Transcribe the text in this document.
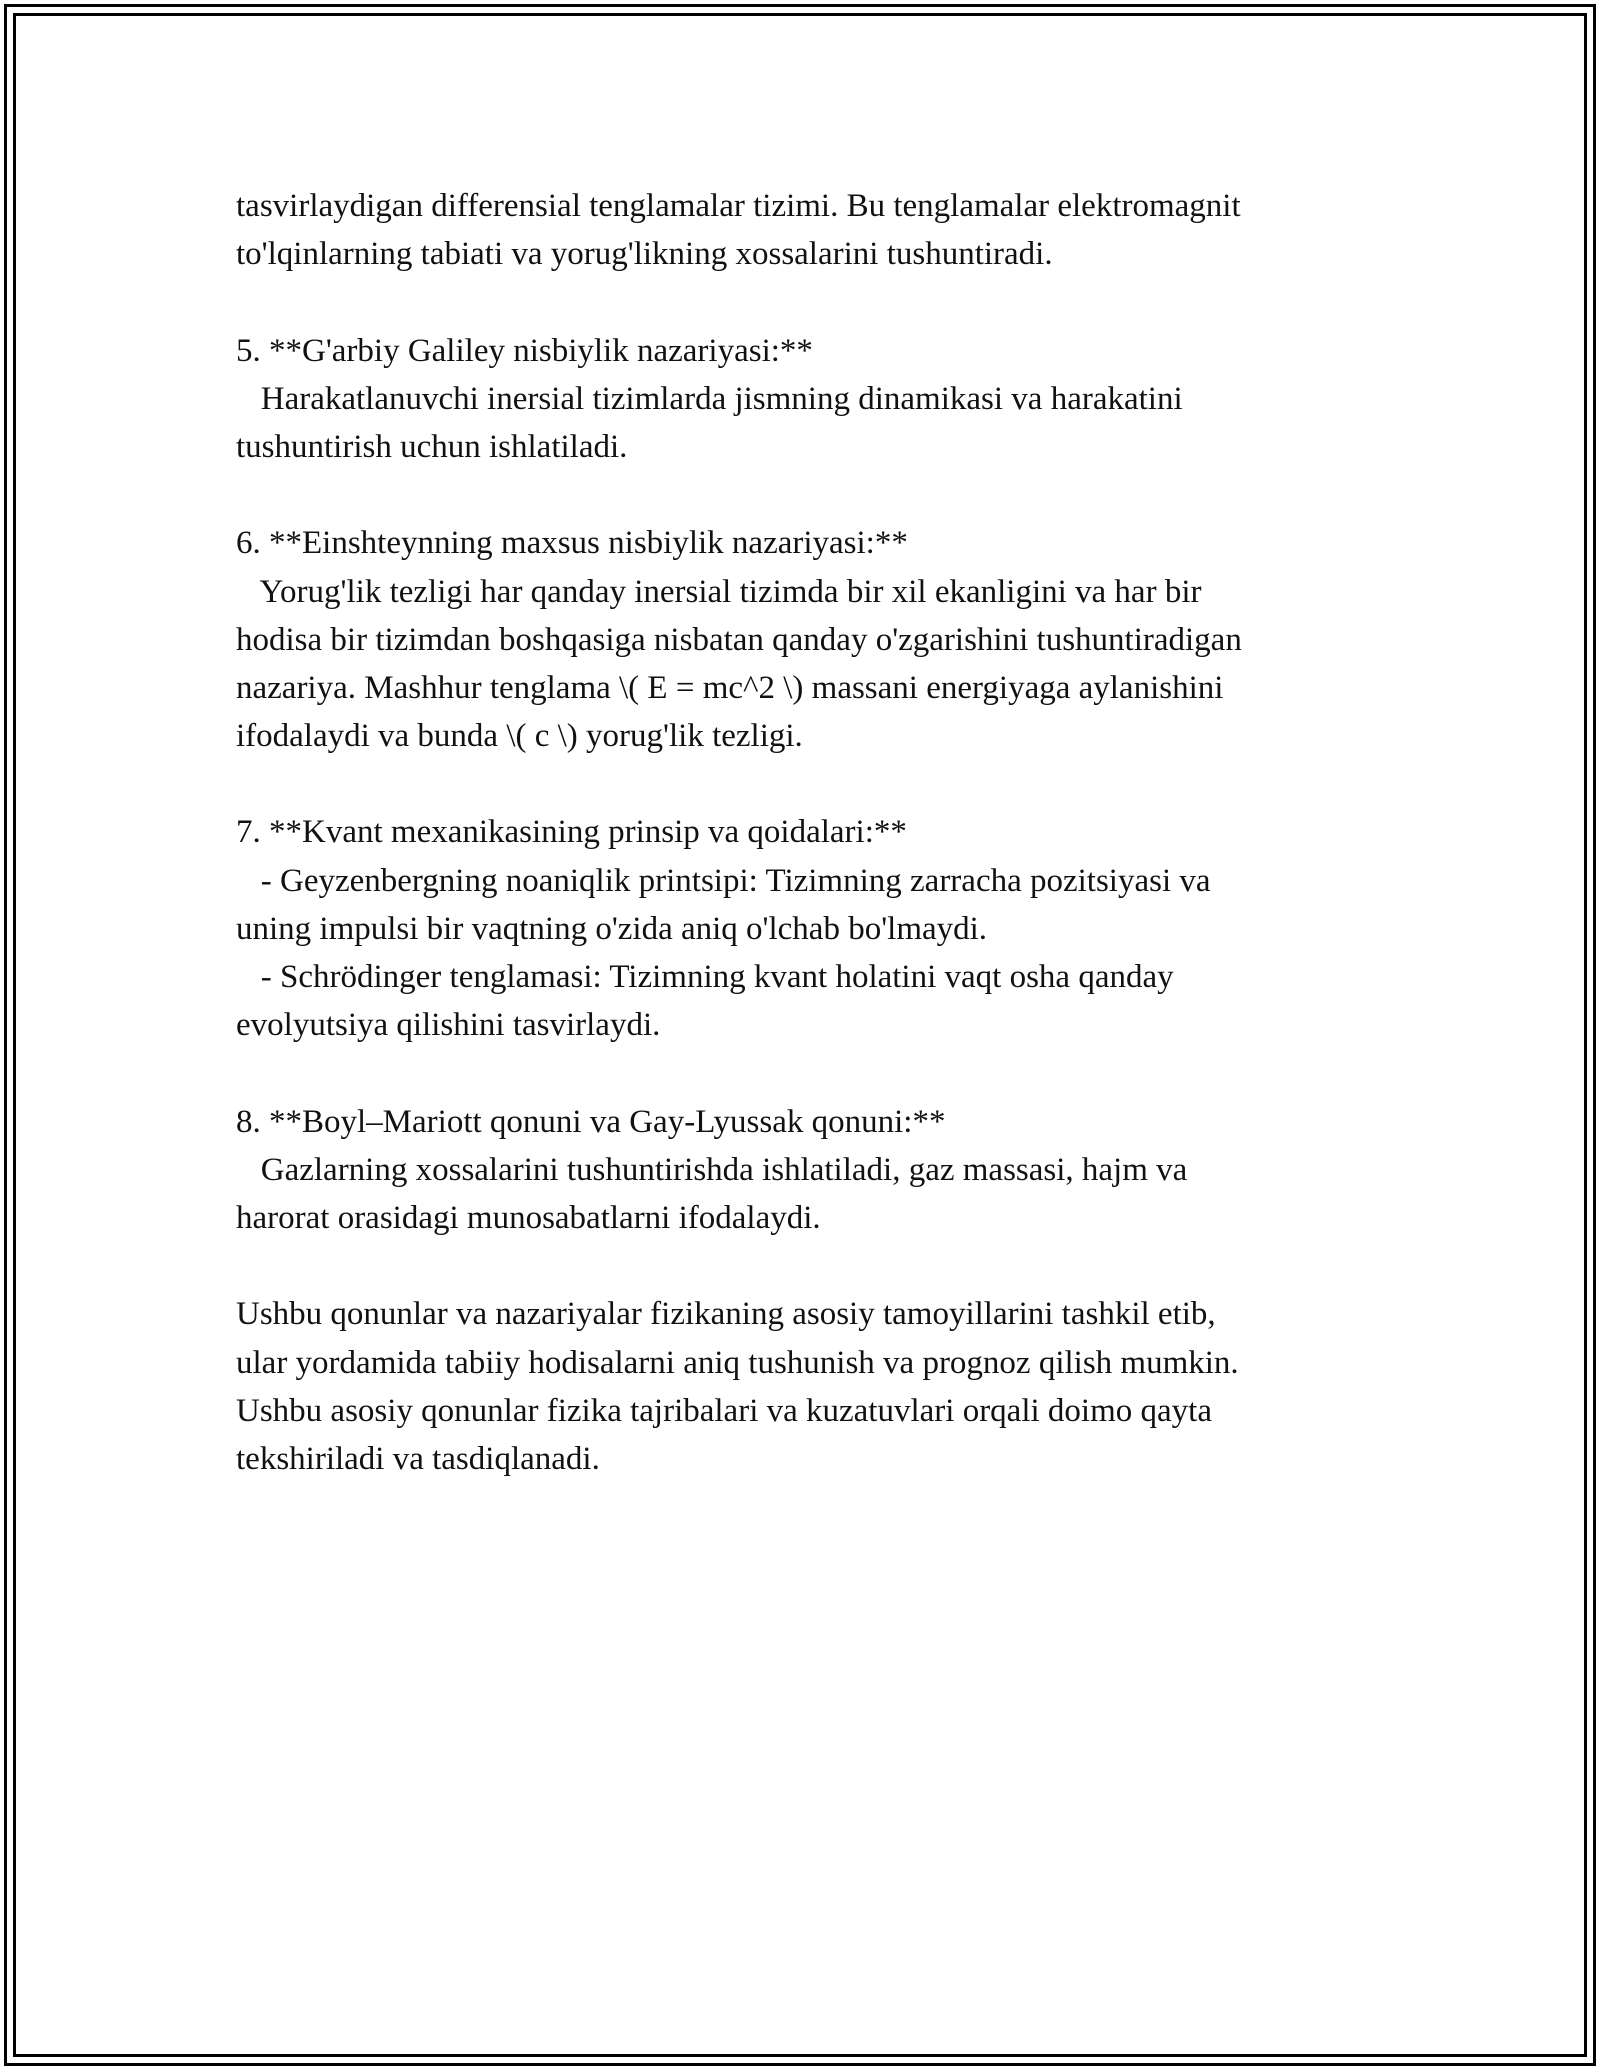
tasvirlaydigan differensial tenglamalar tizimi. Bu tenglamalar elektromagnit
to'lqinlarning tabiati va yorug'likning xossalarini tushuntiradi.
5. **G'arbiy Galiley nisbiylik nazariyasi:**
Harakatlanuvchi inersial tizimlarda jismning dinamikasi va harakatini
tushuntirish uchun ishlatiladi.
6. **Einshteynning maxsus nisbiylik nazariyasi:**
Yorug'lik tezligi har qanday inersial tizimda bir xil ekanligini va har bir
hodisa bir tizimdan boshqasiga nisbatan qanday o'zgarishini tushuntiradigan
nazariya. Mashhur tenglama \( E = mc^2 \) massani energiyaga aylanishini
ifodalaydi va bunda \( c \) yorug'lik tezligi.
7. **Kvant mexanikasining prinsip va qoidalari:**
- Geyzenbergning noaniqlik printsipi: Tizimning zarracha pozitsiyasi va
uning impulsi bir vaqtning o'zida aniq o'lchab bo'lmaydi.
- Schrödinger tenglamasi: Tizimning kvant holatini vaqt osha qanday
evolyutsiya qilishini tasvirlaydi.
8. **Boyl–Mariott qonuni va Gay-Lyussak qonuni:**
Gazlarning xossalarini tushuntirishda ishlatiladi, gaz massasi, hajm va
harorat orasidagi munosabatlarni ifodalaydi.
Ushbu qonunlar va nazariyalar fizikaning asosiy tamoyillarini tashkil etib,
ular yordamida tabiiy hodisalarni aniq tushunish va prognoz qilish mumkin.
Ushbu asosiy qonunlar fizika tajribalari va kuzatuvlari orqali doimo qayta
tekshiriladi va tasdiqlanadi.
